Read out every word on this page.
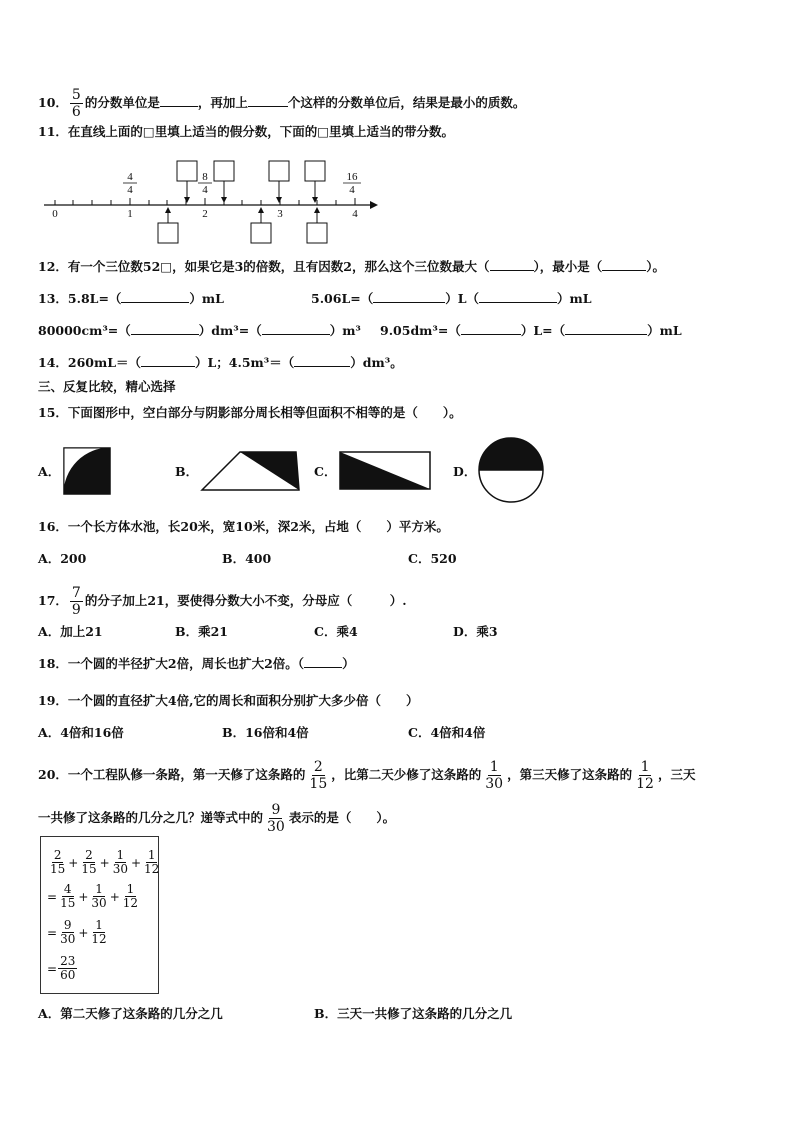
10． $\frac{5}{6}$ 的分数单位是	，再加上	个这样的分数单位后，结果是最小的质数。
11．在直线上面的□里填上适当的假分数，下面的□里填上适当的带分数。
0	1	2	3	4
4
4
8
4
16
4
12．有一个三位数52□，如果它是3的倍数，且有因数2，那么这个三位数最大（	），最小是（	）。
13．5.8L=（	）mL	5.06L=（	）L（	）mL
80000cm³=（	）dm³=（	）m³ 9.05dm³=（	）L=（	）mL
14．260mL＝（	）L；4.5m³＝（	）dm³。
三、反复比较，精心选择
15．下面图形中，空白部分与阴影部分周长相等但面积不相等的是（　　）。
A．	B．	C．	D．
16．一个长方体水池，长20米，宽10米，深2米，占地（　　）平方米。
A．200	B．400	C．520
17． $\frac{7}{9}$ 的分子加上21，要使得分数大小不变，分母应（　　　）.
A．加上21	B．乘21	C．乘4	D．乘3
18．一个圆的半径扩大2倍，周长也扩大2倍。（	）
19．一个圆的直径扩大4倍,它的周长和面积分别扩大多少倍（　　）
A．4倍和16倍	B．16倍和4倍	C．4倍和4倍
20．一个工程队修一条路，第一天修了这条路的 $\frac{2}{15}$ ，比第二天少修了这条路的 $\frac{1}{30}$ ，第三天修了这条路的 $\frac{1}{12}$ ，三天
一共修了这条路的几分之几？递等式中的 $\frac{9}{30}$ 表示的是（　　）。
$\frac{2}{15} + \frac{2}{15} + \frac{1}{30} + \frac{1}{12}$
= $\frac{4}{15} + \frac{1}{30} + \frac{1}{12}$
= $\frac{9}{30} + \frac{1}{12}$
= $\frac{23}{60}$
A．第二天修了这条路的几分之几	B．三天一共修了这条路的几分之几
